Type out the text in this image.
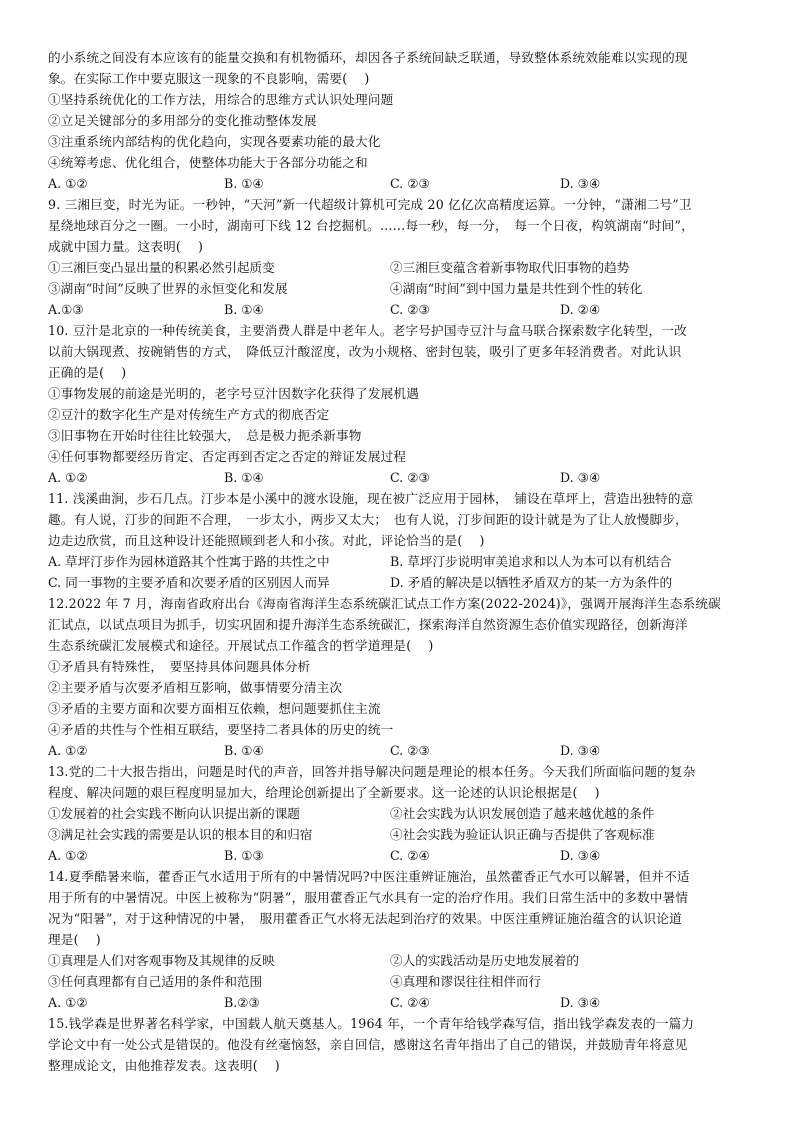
的小系统之间没有本应该有的能量交换和有机物循环，却因各子系统间缺乏联通，导致整体系统效能难以实现的现
象。在实际工作中要克服这一现象的不良影响，需要(　 )
①坚持系统优化的工作方法，用综合的思维方式认识处理问题
②立足关键部分的多用部分的变化推动整体发展
③注重系统内部结构的优化趋向，实现各要素功能的最大化
④统筹考虑、优化组合，使整体功能大于各部分功能之和
A. ①②	B. ①④	C. ②③	D. ③④
9. 三湘巨变，时光为证。一秒钟，“天河”新一代超级计算机可完成 20 亿亿次高精度运算。一分钟，“潇湘二号”卫
星绕地球百分之一圈。一小时，湖南可下线 12 台挖掘机。……每一秒，每一分，　每一个日夜，构筑湖南“时间”，
成就中国力量。这表明(　 )
①三湘巨变凸显出量的积累必然引起质变	②三湘巨变蕴含着新事物取代旧事物的趋势
③湖南“时间”反映了世界的永恒变化和发展	④湖南“时间”到中国力量是共性到个性的转化
A.①③	B. ①④	C. ②③	D. ②④
10. 豆汁是北京的一种传统美食，主要消费人群是中老年人。老字号护国寺豆汁与盒马联合探索数字化转型，一改
以前大锅现煮、按碗销售的方式，　降低豆汁酸涩度，改为小规格、密封包装，吸引了更多年轻消费者。对此认识
正确的是(　 )
①事物发展的前途是光明的，老字号豆汁因数字化获得了发展机遇
②豆汁的数字化生产是对传统生产方式的彻底否定
③旧事物在开始时往往比较强大，　总是极力扼杀新事物
④任何事物都要经历肯定、否定再到否定之否定的辩证发展过程
A. ①②	B. ①④	C. ②③	D. ③④
11. 浅溪曲涧，步石几点。汀步本是小溪中的渡水设施，现在被广泛应用于园林，　铺设在草坪上，营造出独特的意
趣。有人说，汀步的间距不合理，　一步太小，两步又太大；　也有人说，汀步间距的设计就是为了让人放慢脚步，
边走边欣赏，而且这种设计还能照顾到老人和小孩。对此，评论恰当的是(　 )
A. 草坪汀步作为园林道路其个性寓于路的共性之中	B. 草坪汀步说明审美追求和以人为本可以有机结合
C. 同一事物的主要矛盾和次要矛盾的区别因人而异	D. 矛盾的解决是以牺牲矛盾双方的某一方为条件的
12.2022 年 7 月，海南省政府出台《海南省海洋生态系统碳汇试点工作方案(2022-2024)》，强调开展海洋生态系统碳
汇试点，以试点项目为抓手，切实巩固和提升海洋生态系统碳汇，探索海洋自然资源生态价值实现路径，创新海洋
生态系统碳汇发展模式和途径。开展试点工作蕴含的哲学道理是(　 )
①矛盾具有特殊性，　要坚持具体问题具体分析
②主要矛盾与次要矛盾相互影响，做事情要分清主次
③矛盾的主要方面和次要方面相互依赖，想问题要抓住主流
④矛盾的共性与个性相互联结，要坚持二者具体的历史的统一
A. ①②	B. ①④	C. ②③	D. ③④
13.党的二十大报告指出，问题是时代的声音，回答并指导解决问题是理论的根本任务。今天我们所面临问题的复杂
程度、解决问题的艰巨程度明显加大，给理论创新提出了全新要求。这一论述的认识论根据是(　 )
①发展着的社会实践不断向认识提出新的课题	②社会实践为认识发展创造了越来越优越的条件
③满足社会实践的需要是认识的根本目的和归宿	④社会实践为验证认识正确与否提供了客观标准
A. ①②	B. ①③	C. ②④	D. ③④
14.夏季酷暑来临，藿香正气水适用于所有的中暑情况吗?中医注重辨证施治，虽然藿香正气水可以解暑，但并不适
用于所有的中暑情况。中医上被称为“阴暑”，服用藿香正气水具有一定的治疗作用。我们日常生活中的多数中暑情
况为“阳暑”，对于这种情况的中暑，　服用藿香正气水将无法起到治疗的效果。中医注重辨证施治蕴含的认识论道
理是(　 )
①真理是人们对客观事物及其规律的反映	②人的实践活动是历史地发展着的
③任何真理都有自己适用的条件和范围	④真理和谬误往往相伴而行
A. ①②	B.②③	C. ②④	D. ③④
15.钱学森是世界著名科学家，中国载人航天奠基人。1964 年，一个青年给钱学森写信，指出钱学森发表的一篇力
学论文中有一处公式是错误的。他没有丝毫恼怒，亲自回信，感谢这名青年指出了自己的错误，并鼓励青年将意见
整理成论文，由他推荐发表。这表明(　 )
